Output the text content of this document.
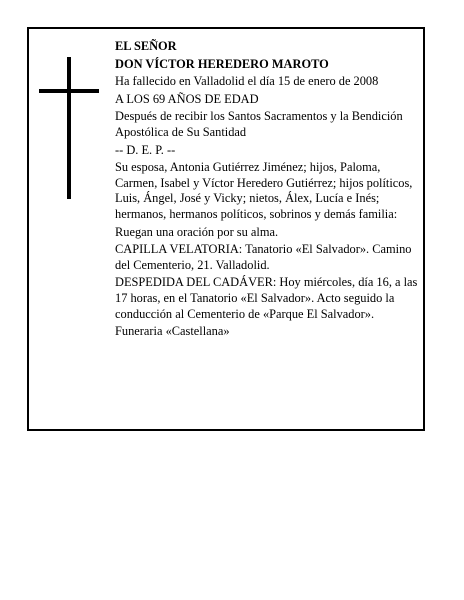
EL SEÑOR

DON VÍCTOR HEREDERO MAROTO

Ha fallecido en Valladolid el día 15 de enero de 2008

A LOS 69 AÑOS DE EDAD

Después de recibir los Santos Sacramentos y la Bendición Apostólica de Su Santidad

-- D. E. P. --

Su esposa, Antonia Gutiérrez Jiménez; hijos, Paloma, Carmen, Isabel y Víctor Heredero Gutiérrez; hijos políticos, Luis, Ángel, José y Vicky; nietos, Álex, Lucía e Inés; hermanos, hermanos políticos, sobrinos y demás familia:

Ruegan una oración por su alma.

CAPILLA VELATORIA: Tanatorio «El Salvador». Camino del Cementerio, 21. Valladolid.

DESPEDIDA DEL CADÁVER: Hoy miércoles, día 16, a las 17 horas, en el Tanatorio «El Salvador». Acto seguido la conducción al Cementerio de «Parque El Salvador».

Funeraria «Castellana»
